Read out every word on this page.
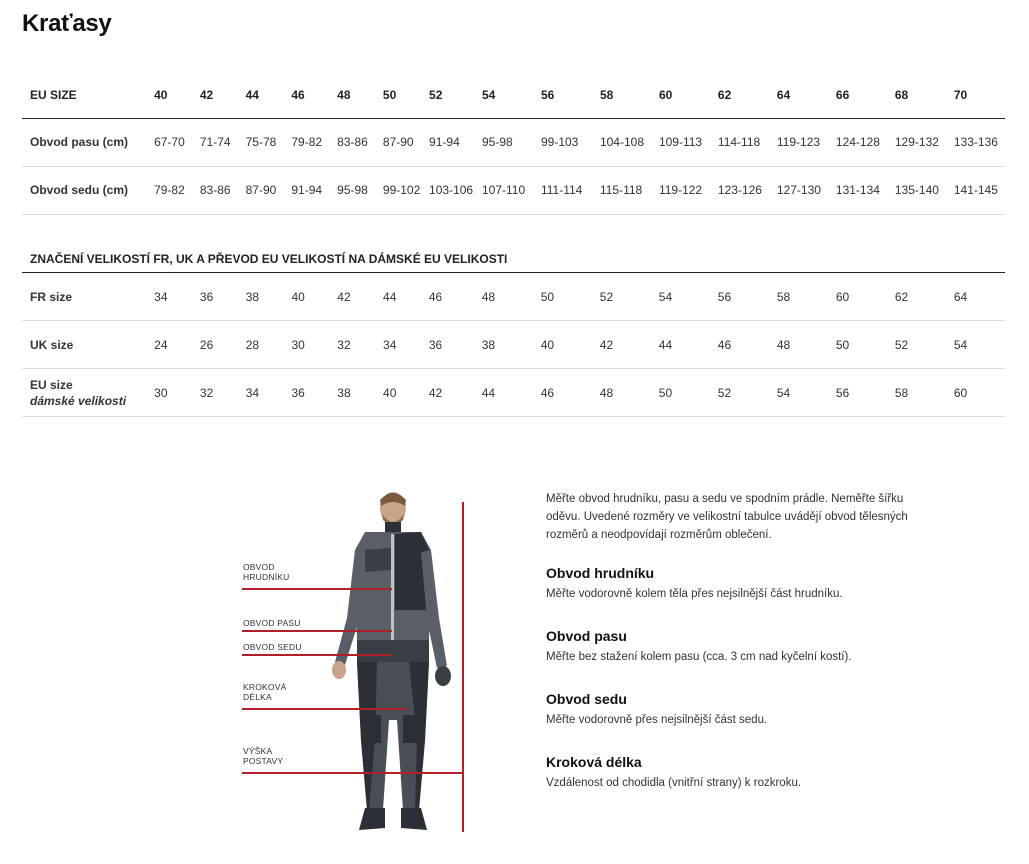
Kraťasy
EU SIZE	40	42	44	46	48	50	52	54	56	58	60	62	64	66	68	70
Obvod pasu (cm)	67-70	71-74	75-78	79-82	83-86	87-90	91-94	95-98	99-103	104-108	109-113	114-118	119-123	124-128	129-132	133-136
Obvod sedu (cm)	79-82	83-86	87-90	91-94	95-98	99-102	103-106	107-110	111-114	115-118	119-122	123-126	127-130	131-134	135-140	141-145
ZNAČENÍ VELIKOSTÍ FR, UK A PŘEVOD EU VELIKOSTÍ NA DÁMSKÉ EU VELIKOSTI
FR size	34	36	38	40	42	44	46	48	50	52	54	56	58	60	62	64
UK size	24	26	28	30	32	34	36	38	40	42	44	46	48	50	52	54
EU size
dámské velikosti	30	32	34	36	38	40	42	44	46	48	50	52	54	56	58	60
OBVOD
HRUDNÍKU
OBVOD PASU
OBVOD SEDU
KROKOVÁ
DÉLKA
VÝŠKA
POSTAVY

Měřte obvod hrudníku, pasu a sedu ve spodním prádle. Neměřte šířku oděvu. Uvedené rozměry ve velikostní tabulce uvádějí obvod tělesných rozměrů a neodpovídají rozměrům oblečení.

Obvod hrudníku

Měřte vodorovně kolem těla přes nejsilnější část hrudníku.

Obvod pasu

Měřte bez stažení kolem pasu (cca. 3 cm nad kyčelní kostí).

Obvod sedu

Měřte vodorovně přes nejsilnější část sedu.

Kroková délka

Vzdálenost od chodidla (vnitřní strany) k rozkroku.
